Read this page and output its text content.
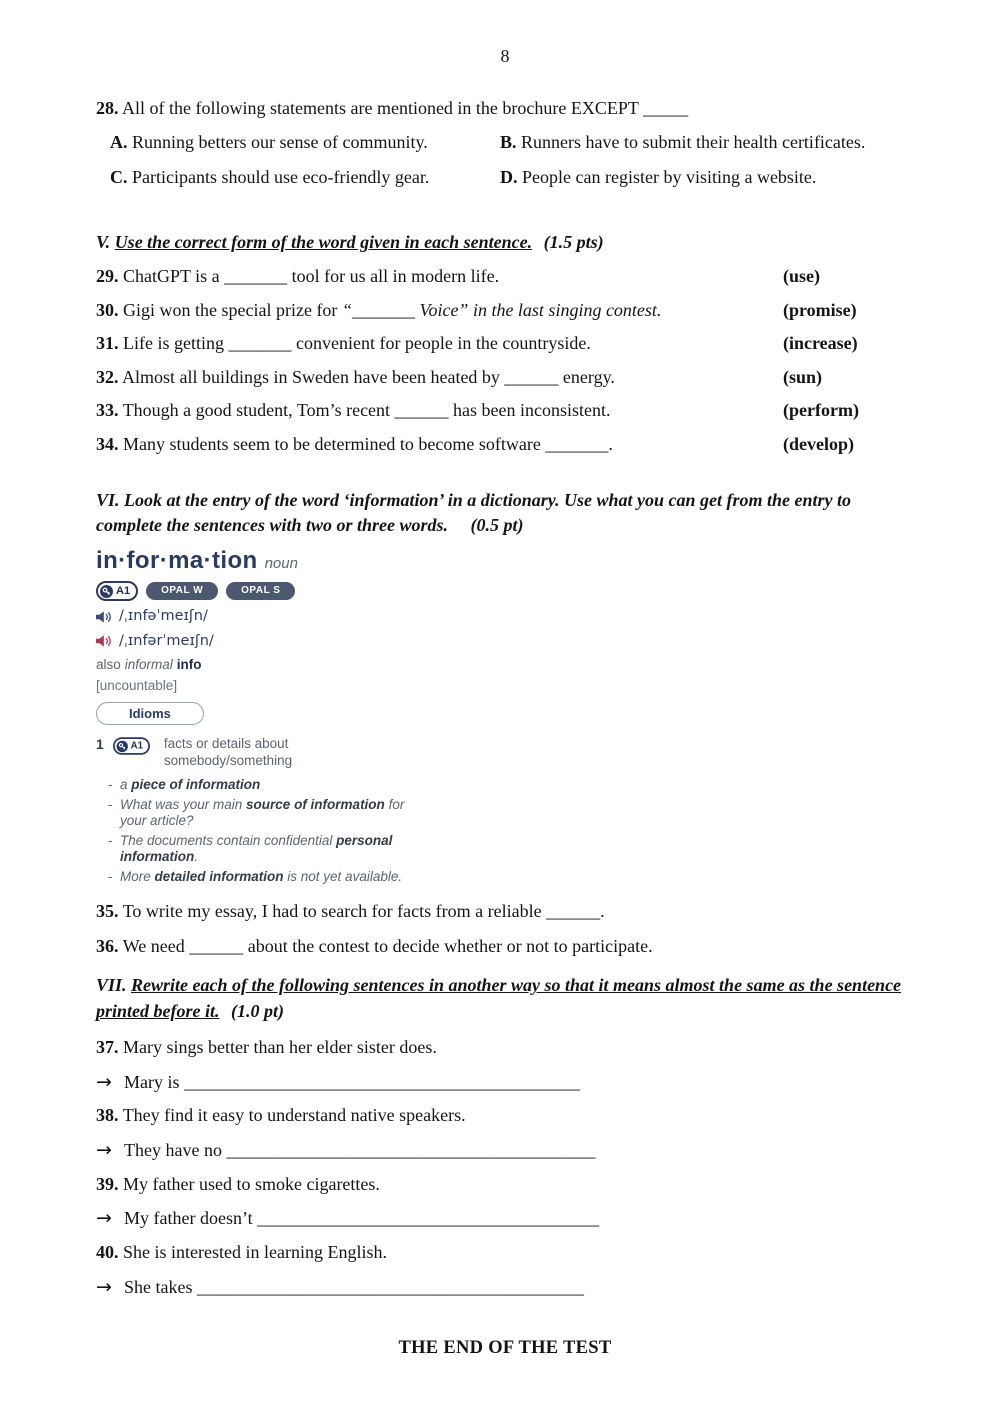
8
28. All of the following statements are mentioned in the brochure EXCEPT _____
A. Running betters our sense of community.	B. Runners have to submit their health certificates.
C. Participants should use eco-friendly gear.	D. People can register by visiting a website.
V. Use the correct form of the word given in each sentence. (1.5 pts)
29. ChatGPT is a _______ tool for us all in modern life.	(use)
30. Gigi won the special prize for “_______ Voice” in the last singing contest.	(promise)
31. Life is getting _______ convenient for people in the countryside.	(increase)
32. Almost all buildings in Sweden have been heated by ______ energy.	(sun)
33. Though a good student, Tom’s recent ______ has been inconsistent.	(perform)
34. Many students seem to be determined to become software _______.	(develop)
VI. Look at the entry of the word ‘information’ in a dictionary. Use what you can get from the entry to complete the sentences with two or three words. (0.5 pt)
in·for·ma·tion noun
A1	OPAL W	OPAL S
/ˌɪnfəˈmeɪʃn/
/ˌɪnfərˈmeɪʃn/
also informal info
[uncountable]
Idioms
1 A1 facts or details about somebody/something
- a piece of information
- What was your main source of information for your article?
- The documents contain confidential personal information.
- More detailed information is not yet available.
35. To write my essay, I had to search for facts from a reliable ______.
36. We need ______ about the contest to decide whether or not to participate.
VII. Rewrite each of the following sentences in another way so that it means almost the same as the sentence printed before it. (1.0 pt)
37. Mary sings better than her elder sister does.
→ Mary is ____________________________________________
38. They find it easy to understand native speakers.
→ They have no _________________________________________
39. My father used to smoke cigarettes.
→ My father doesn’t ______________________________________
40. She is interested in learning English.
→ She takes ___________________________________________
THE END OF THE TEST
